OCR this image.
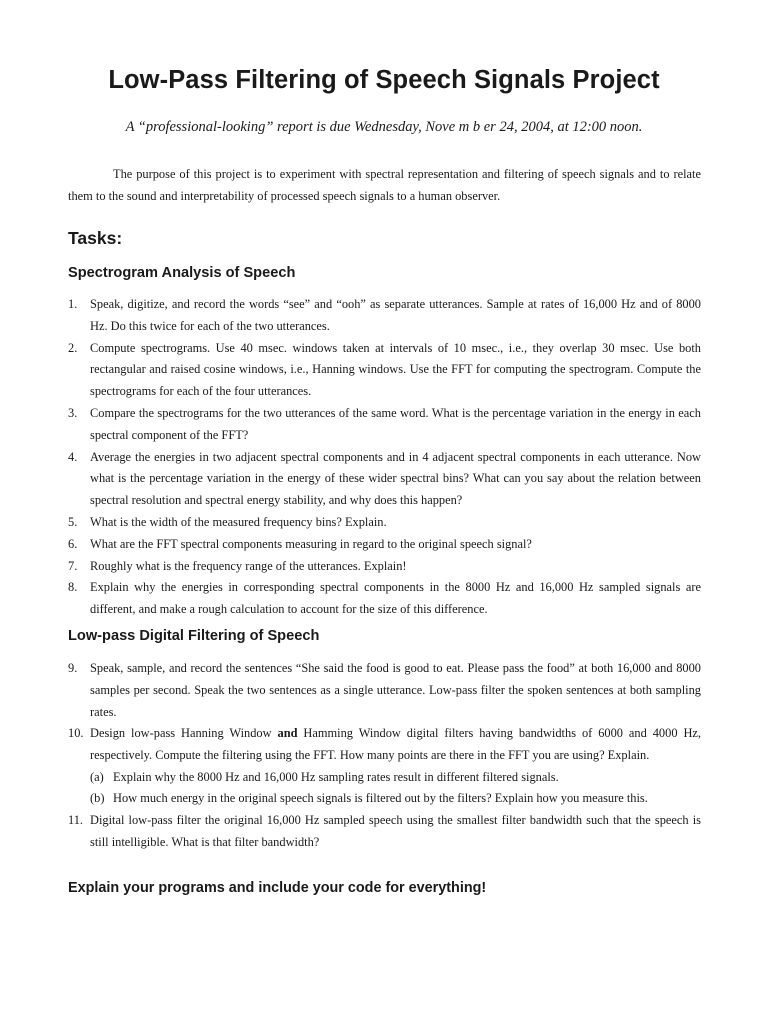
Low-Pass Filtering of Speech Signals Project
A “professional-looking” report is due Wednesday, Nove m b er 24, 2004, at 12:00 noon.

The purpose of this project is to experiment with spectral representation and filtering of speech signals and to relate them to the sound and interpretability of processed speech signals to a human observer.

Tasks:
Spectrogram Analysis of Speech
1. Speak, digitize, and record the words “see” and “ooh” as separate utterances. Sample at rates of 16,000 Hz and of 8000 Hz. Do this twice for each of the two utterances.
2. Compute spectrograms. Use 40 msec. windows taken at intervals of 10 msec., i.e., they overlap 30 msec. Use both rectangular and raised cosine windows, i.e., Hanning windows. Use the FFT for computing the spectrogram. Compute the spectrograms for each of the four utterances.
3. Compare the spectrograms for the two utterances of the same word. What is the percentage variation in the energy in each spectral component of the FFT?
4. Average the energies in two adjacent spectral components and in 4 adjacent spectral components in each utterance. Now what is the percentage variation in the energy of these wider spectral bins? What can you say about the relation between spectral resolution and spectral energy stability, and why does this happen?
5. What is the width of the measured frequency bins? Explain.
6. What are the FFT spectral components measuring in regard to the original speech signal?
7. Roughly what is the frequency range of the utterances. Explain!
8. Explain why the energies in corresponding spectral components in the 8000 Hz and 16,000 Hz sampled signals are different, and make a rough calculation to account for the size of this difference.
Low-pass Digital Filtering of Speech
9. Speak, sample, and record the sentences “She said the food is good to eat. Please pass the food” at both 16,000 and 8000 samples per second. Speak the two sentences as a single utterance. Low-pass filter the spoken sentences at both sampling rates.
10. Design low-pass Hanning Window and Hamming Window digital filters having bandwidths of 6000 and 4000 Hz, respectively. Compute the filtering using the FFT. How many points are there in the FFT you are using? Explain.
(a) Explain why the 8000 Hz and 16,000 Hz sampling rates result in different filtered signals.
(b) How much energy in the original speech signals is filtered out by the filters? Explain how you measure this.
11. Digital low-pass filter the original 16,000 Hz sampled speech using the smallest filter bandwidth such that the speech is still intelligible. What is that filter bandwidth?
Explain your programs and include your code for everything!
